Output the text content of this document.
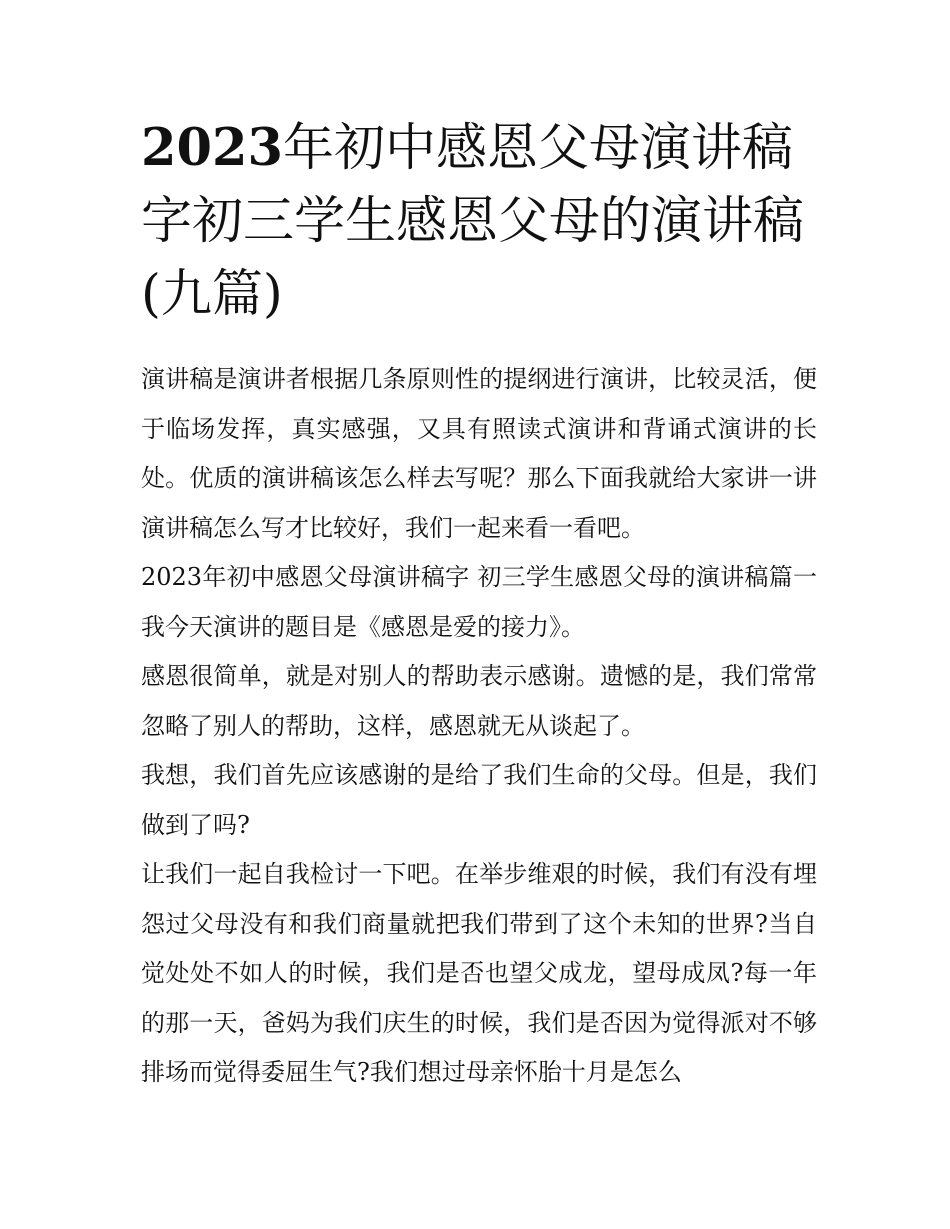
2023年初中感恩父母演讲稿字初三学生感恩父母的演讲稿(九篇)

演讲稿是演讲者根据几条原则性的提纲进行演讲，比较灵活，便于临场发挥，真实感强，又具有照读式演讲和背诵式演讲的长处。优质的演讲稿该怎么样去写呢？那么下面我就给大家讲一讲演讲稿怎么写才比较好，我们一起来看一看吧。

2023年初中感恩父母演讲稿字 初三学生感恩父母的演讲稿篇一 我今天演讲的题目是《感恩是爱的接力》。

感恩很简单，就是对别人的帮助表示感谢。遗憾的是，我们常常忽略了别人的帮助，这样，感恩就无从谈起了。

我想，我们首先应该感谢的是给了我们生命的父母。但是，我们做到了吗?

让我们一起自我检讨一下吧。在举步维艰的时候，我们有没有埋怨过父母没有和我们商量就把我们带到了这个未知的世界?当自觉处处不如人的时候，我们是否也望父成龙，望母成凤?每一年的那一天，爸妈为我们庆生的时候，我们是否因为觉得派对不够排场而觉得委屈生气?我们想过母亲怀胎十月是怎么
